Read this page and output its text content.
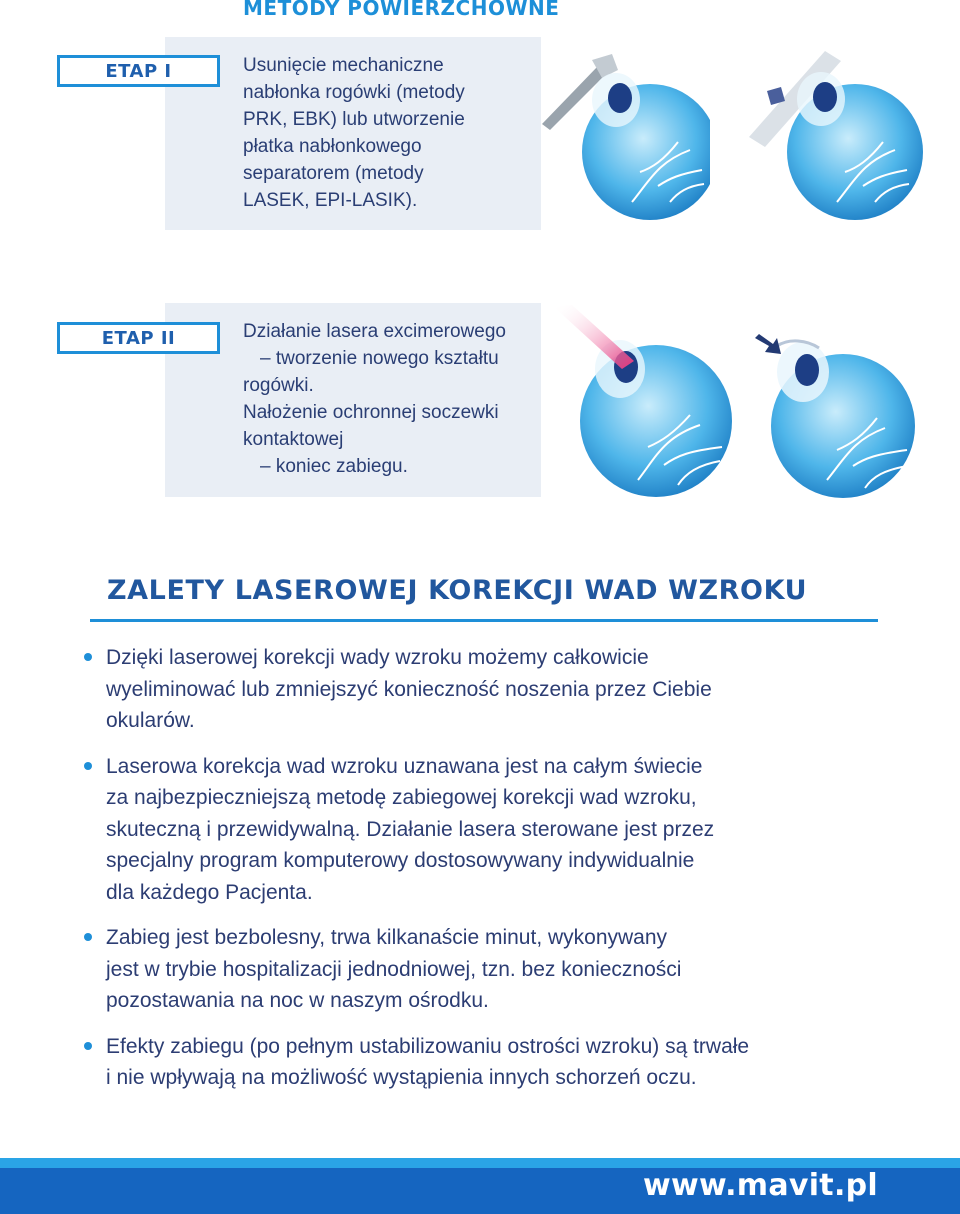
METODY POWIERZCHOWNE
ETAP I	Usunięcie mechaniczne
nabłonka rogówki (metody
PRK, EBK) lub utworzenie
płatka nabłonkowego
separatorem (metody
LASEK, EPI-LASIK).
ETAP II	Działanie lasera excimerowego
– tworzenie nowego kształtu
rogówki.
Nałożenie ochronnej soczewki
kontaktowej
– koniec zabiegu.
ZALETY LASEROWEJ KOREKCJI WAD WZROKU
Dzięki laserowej korekcji wady wzroku możemy całkowicie
wyeliminować lub zmniejszyć konieczność noszenia przez Ciebie
okularów.
Laserowa korekcja wad wzroku uznawana jest na całym świecie
za najbezpieczniejszą metodę zabiegowej korekcji wad wzroku,
skuteczną i przewidywalną. Działanie lasera sterowane jest przez
specjalny program komputerowy dostosowywany indywidualnie
dla każdego Pacjenta.
Zabieg jest bezbolesny, trwa kilkanaście minut, wykonywany
jest w trybie hospitalizacji jednodniowej, tzn. bez konieczności
pozostawania na noc w naszym ośrodku.
Efekty zabiegu (po pełnym ustabilizowaniu ostrości wzroku) są trwałe
i nie wpływają na możliwość wystąpienia innych schorzeń oczu.
www.mavit.pl
